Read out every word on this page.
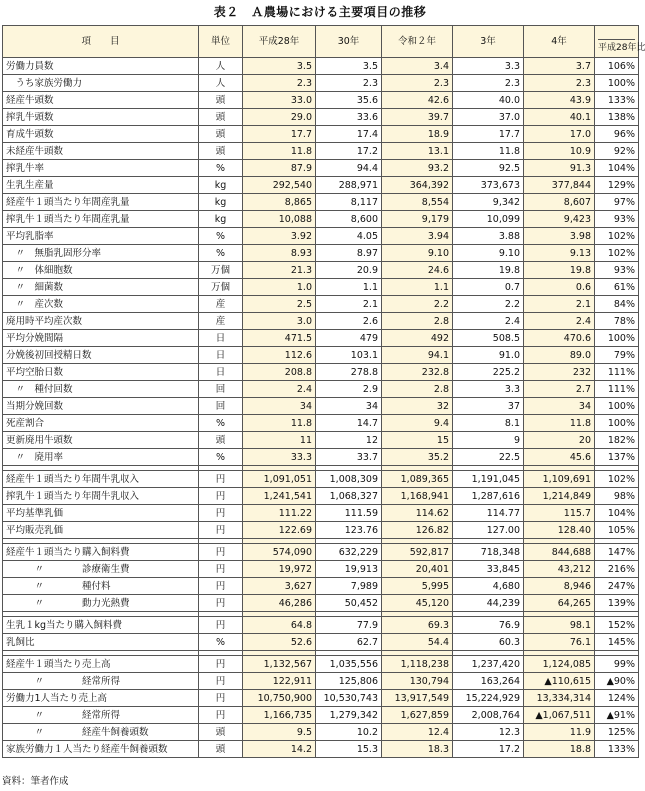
表２　Ａ農場における主要項目の推移
項　　目	単位	平成28年	30年	令和２年	3年	4年	平成28年比
労働力員数	人	3.5	3.5	3.4	3.3	3.7	106%
　うち家族労働力	人	2.3	2.3	2.3	2.3	2.3	100%
経産牛頭数	頭	33.0	35.6	42.6	40.0	43.9	133%
搾乳牛頭数	頭	29.0	33.6	39.7	37.0	40.1	138%
育成牛頭数	頭	17.7	17.4	18.9	17.7	17.0	96%
未経産牛頭数	頭	11.8	17.2	13.1	11.8	10.9	92%
搾乳牛率	%	87.9	94.4	93.2	92.5	91.3	104%
生乳生産量	kg	292,540	288,971	364,392	373,673	377,844	129%
経産牛１頭当たり年間産乳量	kg	8,865	8,117	8,554	9,342	8,607	97%
搾乳牛１頭当たり年間産乳量	kg	10,088	8,600	9,179	10,099	9,423	93%
平均乳脂率	%	3.92	4.05	3.94	3.88	3.98	102%
　〃　無脂乳固形分率	%	8.93	8.97	9.10	9.10	9.13	102%
　〃　体細胞数	万個	21.3	20.9	24.6	19.8	19.8	93%
　〃　細菌数	万個	1.0	1.1	1.1	0.7	0.6	61%
　〃　産次数	産	2.5	2.1	2.2	2.2	2.1	84%
廃用時平均産次数	産	3.0	2.6	2.8	2.4	2.4	78%
平均分娩間隔	日	471.5	479	492	508.5	470.6	100%
分娩後初回授精日数	日	112.6	103.1	94.1	91.0	89.0	79%
平均空胎日数	日	208.8	278.8	232.8	225.2	232	111%
　〃　種付回数	回	2.4	2.9	2.8	3.3	2.7	111%
当期分娩回数	回	34	34	32	37	34	100%
死産割合	%	11.8	14.7	9.4	8.1	11.8	100%
更新廃用牛頭数	頭	11	12	15	9	20	182%
　〃　廃用率	%	33.3	33.7	35.2	22.5	45.6	137%

経産牛１頭当たり年間牛乳収入	円	1,091,051	1,008,309	1,089,365	1,191,045	1,109,691	102%
搾乳牛１頭当たり年間牛乳収入	円	1,241,541	1,068,327	1,168,941	1,287,616	1,214,849	98%
平均基準乳価	円	111.22	111.59	114.62	114.77	115.7	104%
平均販売乳価	円	122.69	123.76	126.82	127.00	128.40	105%

経産牛１頭当たり購入飼料費	円	574,090	632,229	592,817	718,348	844,688	147%
　　　〃　　　　診療衛生費	円	19,972	19,913	20,401	33,845	43,212	216%
　　　〃　　　　種付料	円	3,627	7,989	5,995	4,680	8,946	247%
　　　〃　　　　動力光熱費	円	46,286	50,452	45,120	44,239	64,265	139%

生乳１kg当たり購入飼料費	円	64.8	77.9	69.3	76.9	98.1	152%
乳飼比	%	52.6	62.7	54.4	60.3	76.1	145%

経産牛１頭当たり売上高	円	1,132,567	1,035,556	1,118,238	1,237,420	1,124,085	99%
　　　〃　　　　経常所得	円	122,911	125,806	130,794	163,264	▲110,615	▲90%
労働力1人当たり売上高	円	10,750,900	10,530,743	13,917,549	15,224,929	13,334,314	124%
　　　〃　　　　経常所得	円	1,166,735	1,279,342	1,627,859	2,008,764	▲1,067,511	▲91%
　　　〃　　　　経産牛飼養頭数	頭	9.5	10.2	12.4	12.3	11.9	125%
家族労働力１人当たり経産牛飼養頭数	頭	14.2	15.3	18.3	17.2	18.8	133%
資料：筆者作成
